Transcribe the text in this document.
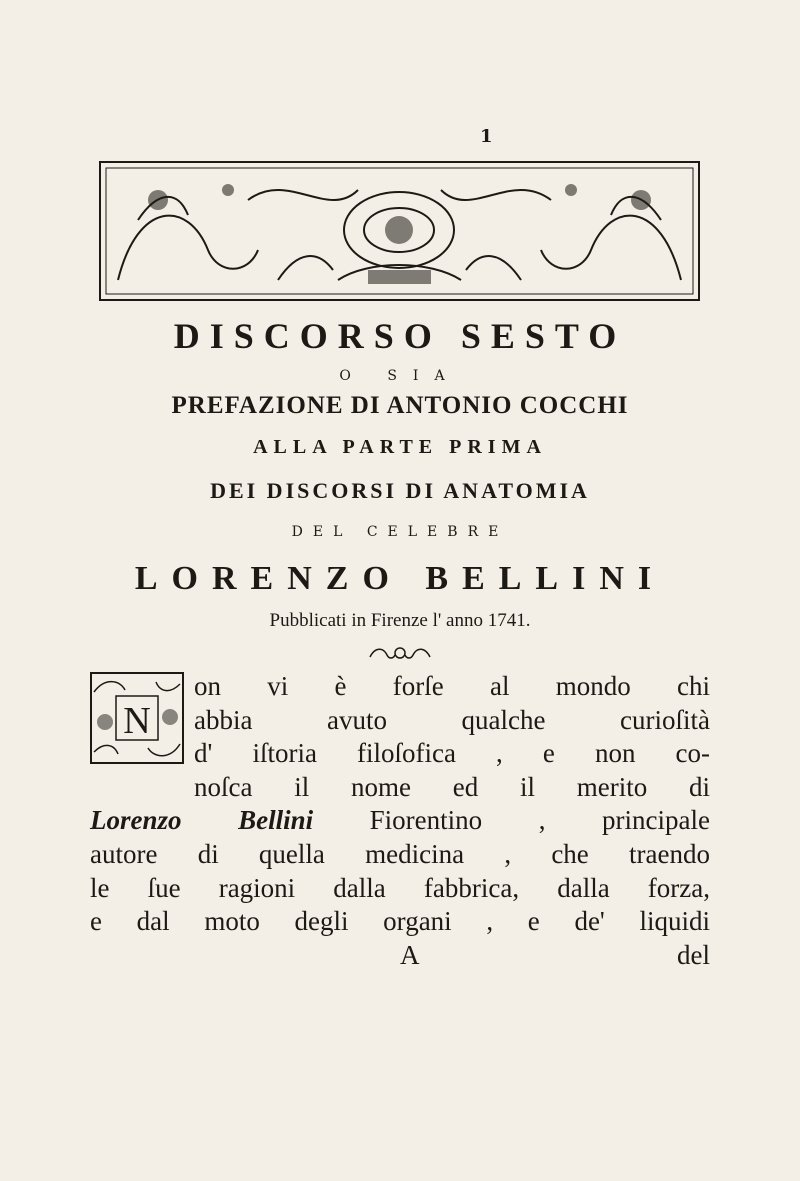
1
DISCORSO SESTO
O SIA
PREFAZIONE DI ANTONIO COCCHI
ALLA PARTE PRIMA
DEI DISCORSI DI ANATOMIA
DEL CELEBRE
LORENZO BELLINI
Pubblicati in Firenze l' anno 1741.
N
on vi è forſe al mondo chi
abbia avuto qualche curioſità
d' iſtoria filoſofica , e non co-
noſca il nome ed il merito di
Lorenzo Bellini Fiorentino , principale
autore di quella medicina , che traendo
le ſue ragioni dalla fabbrica, dalla forza,
e dal moto degli organi , e de' liquidi
A	del
